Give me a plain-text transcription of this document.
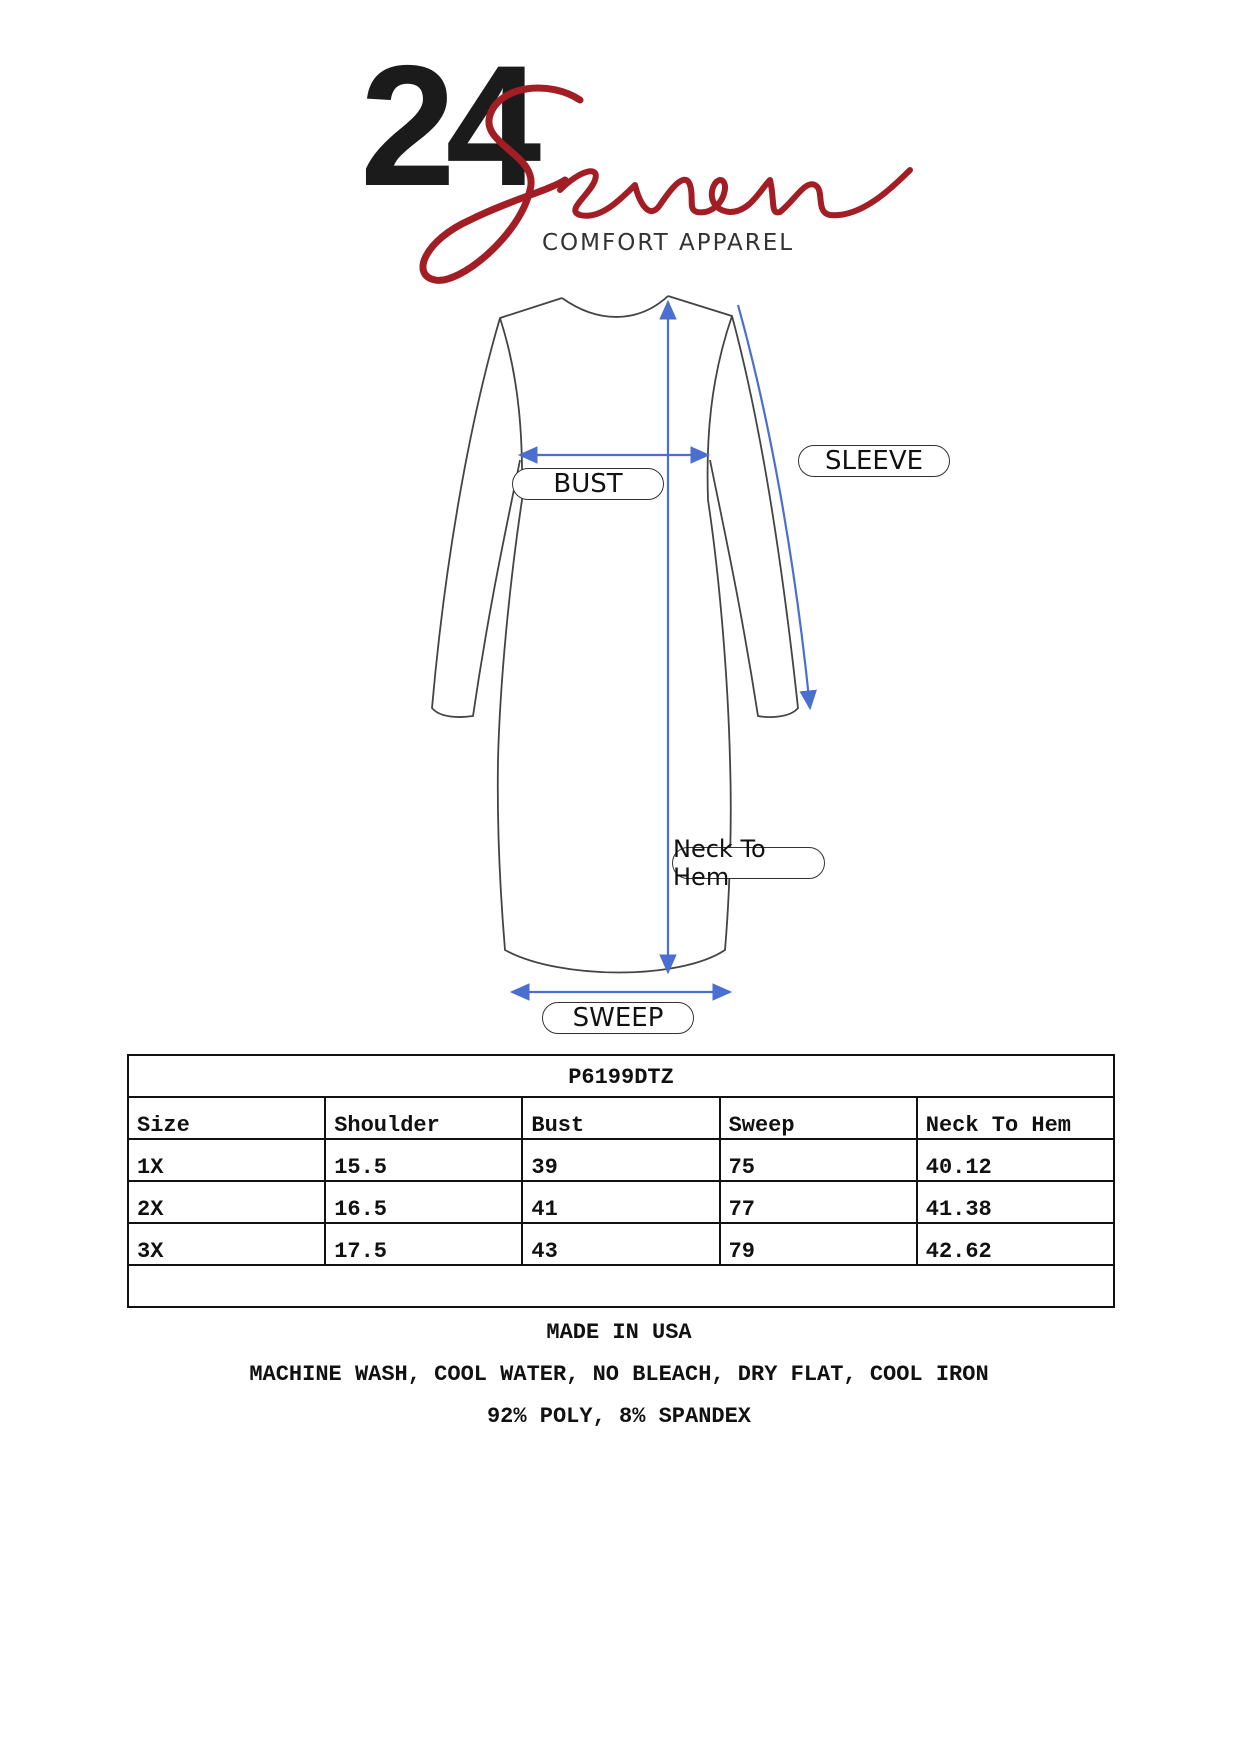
24
COMFORT APPAREL
BUST
SLEEVE
Neck To Hem
SWEEP
P6199DTZ				
Size	Shoulder	Bust	Sweep	Neck To Hem
1X	15.5	39	75	40.12
2X	16.5	41	77	41.38
3X	17.5	43	79	42.62

MADE IN USA
MACHINE WASH, COOL WATER, NO BLEACH, DRY FLAT, COOL IRON
92% POLY, 8% SPANDEX
